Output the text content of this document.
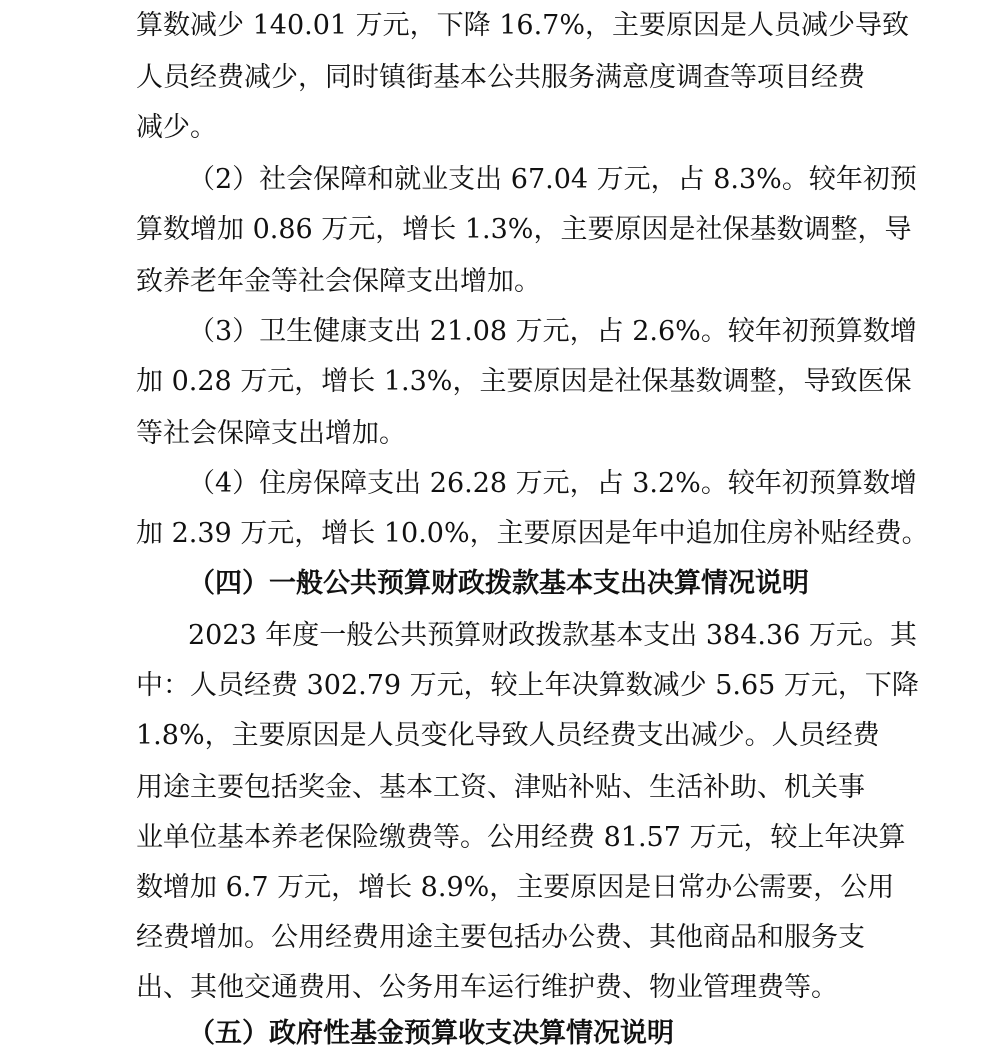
算数减少 140.01 万元，下降 16.7%，主要原因是人员减少导致

人员经费减少，同时镇街基本公共服务满意度调查等项目经费

减少。

（2）社会保障和就业支出 67.04 万元，占 8.3%。较年初预

算数增加 0.86 万元，增长 1.3%，主要原因是社保基数调整，导

致养老年金等社会保障支出增加。

（3）卫生健康支出 21.08 万元，占 2.6%。较年初预算数增

加 0.28 万元，增长 1.3%，主要原因是社保基数调整，导致医保

等社会保障支出增加。

（4）住房保障支出 26.28 万元，占 3.2%。较年初预算数增

加 2.39 万元，增长 10.0%，主要原因是年中追加住房补贴经费。

（四）一般公共预算财政拨款基本支出决算情况说明

2023 年度一般公共预算财政拨款基本支出 384.36 万元。其

中：人员经费 302.79 万元，较上年决算数减少 5.65 万元，下降

1.8%，主要原因是人员变化导致人员经费支出减少。人员经费

用途主要包括奖金、基本工资、津贴补贴、生活补助、机关事

业单位基本养老保险缴费等。公用经费 81.57 万元，较上年决算

数增加 6.7 万元，增长 8.9%，主要原因是日常办公需要，公用

经费增加。公用经费用途主要包括办公费、其他商品和服务支

出、其他交通费用、公务用车运行维护费、物业管理费等。

（五）政府性基金预算收支决算情况说明
